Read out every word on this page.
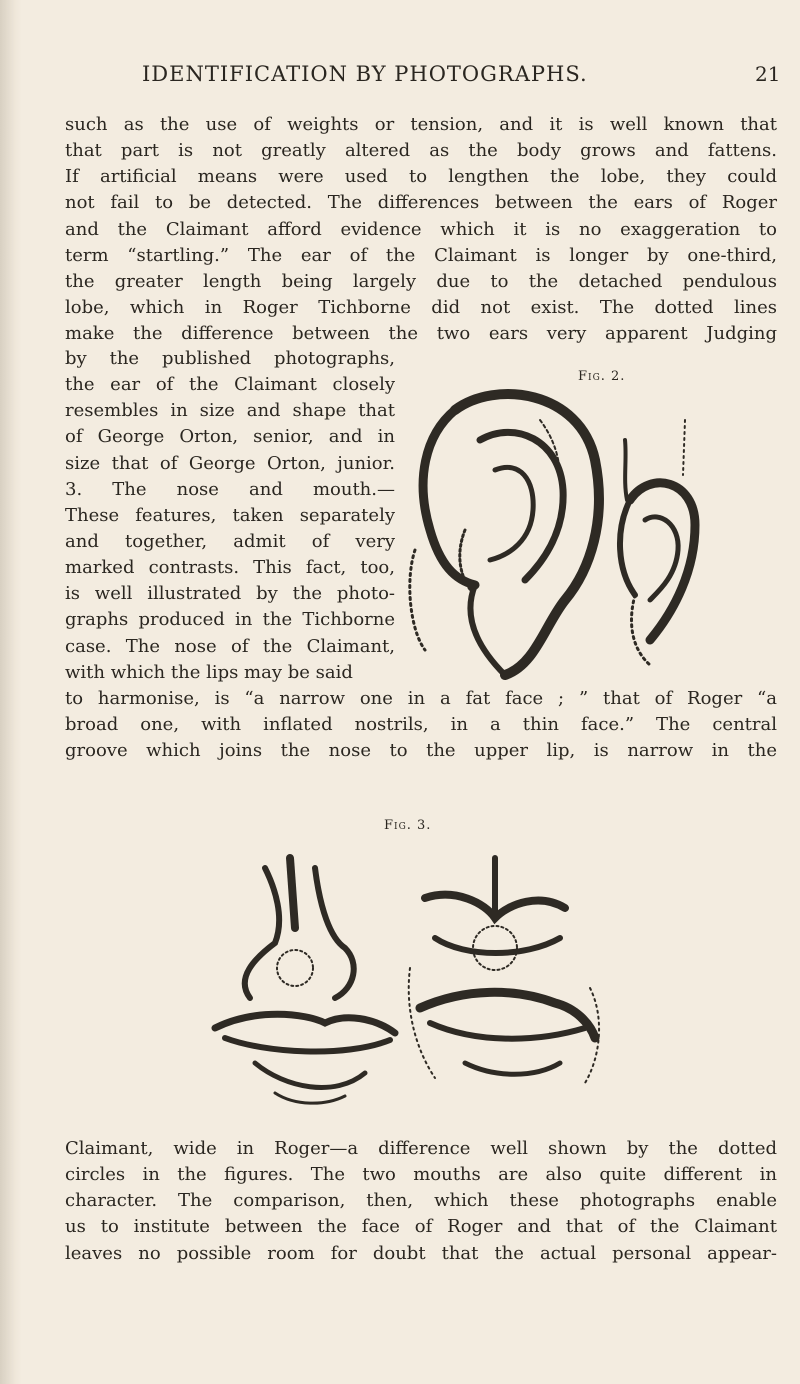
IDENTIFICATION BY PHOTOGRAPHS.	21
such as the use of weights or tension, and it is well known that
that part is not greatly altered as the body grows and fattens.
If artificial means were used to lengthen the lobe, they could
not fail to be detected. The differences between the ears of Roger
and the Claimant afford evidence which it is no exaggeration to
term “startling.” The ear of the Claimant is longer by one-third,
the greater length being largely due to the detached pendulous
lobe, which in Roger Tichborne did not exist. The dotted lines
make the difference between the two ears very apparent Judging
by the published photographs,
the ear of the Claimant closely
resembles in size and shape that
of George Orton, senior, and in
size that of George Orton, junior.
3. The nose and mouth.—
These features, taken separately
and together, admit of very
marked contrasts. This fact, too,
is well illustrated by the photo-
graphs produced in the Tichborne
case. The nose of the Claimant,
with which the lips may be said
Fig. 2.
to harmonise, is “a narrow one in a fat face ; ” that of Roger “a
broad one, with inflated nostrils, in a thin face.” The central
groove which joins the nose to the upper lip, is narrow in the
Fig. 3.
Claimant, wide in Roger—a difference well shown by the dotted
circles in the figures. The two mouths are also quite different in
character. The comparison, then, which these photographs enable
us to institute between the face of Roger and that of the Claimant
leaves no possible room for doubt that the actual personal appear-
